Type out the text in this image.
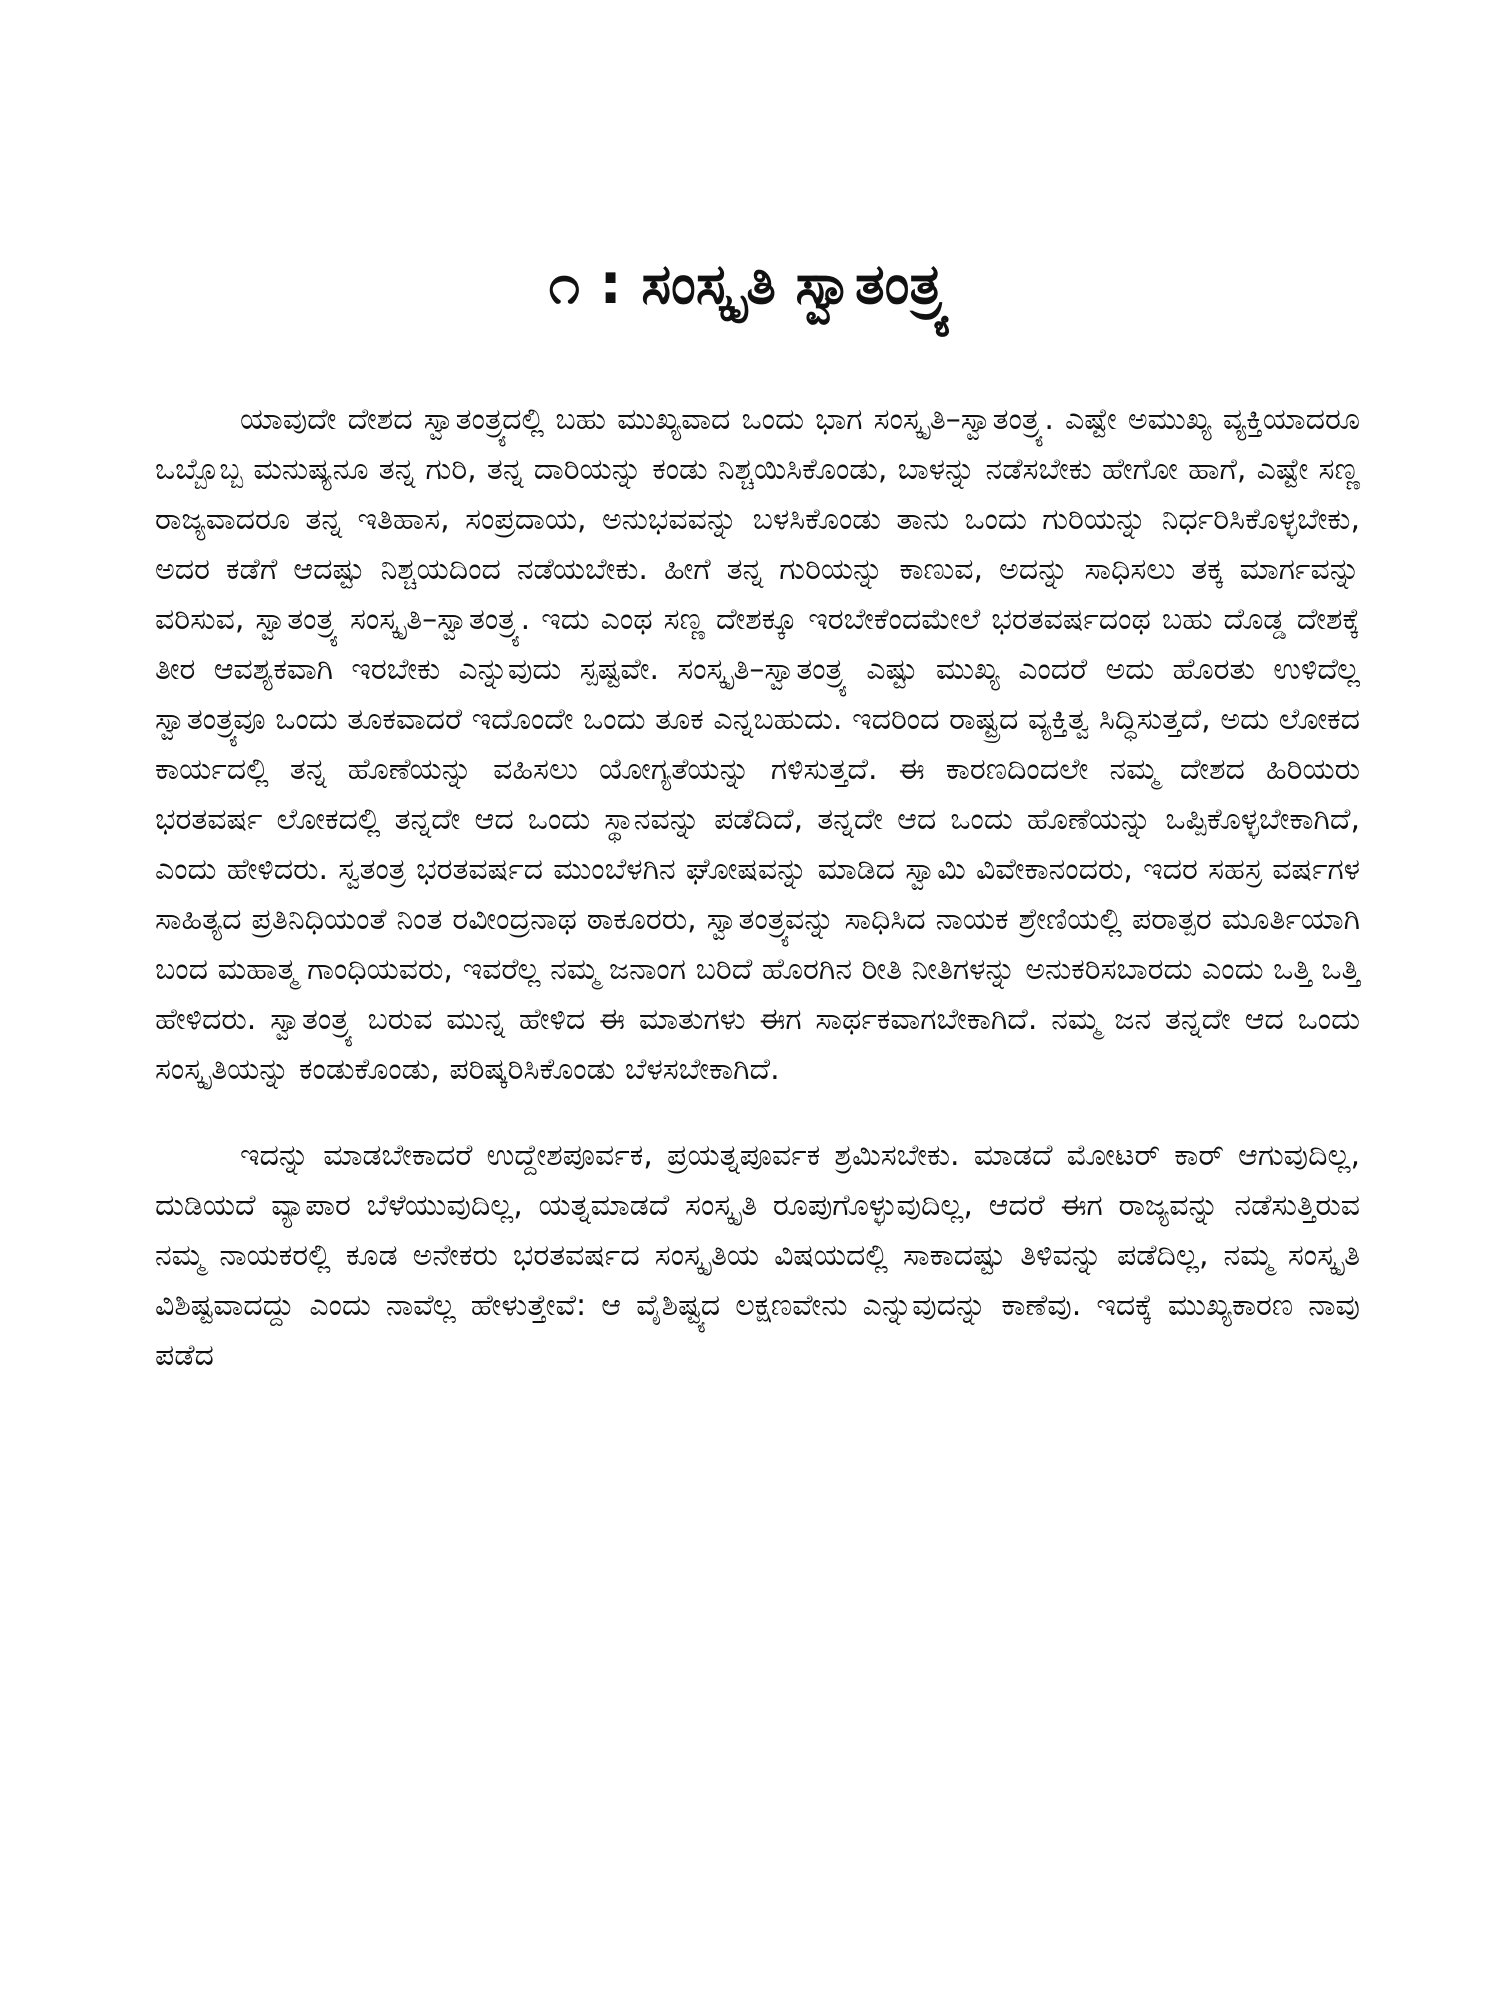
೧ : ಸಂಸ್ಕೃತಿ ಸ್ವಾತಂತ್ರ್ಯ

ಯಾವುದೇ ದೇಶದ ಸ್ವಾತಂತ್ರ್ಯದಲ್ಲಿ ಬಹು ಮುಖ್ಯವಾದ ಒಂದು ಭಾಗ ಸಂಸ್ಕೃತಿ–ಸ್ವಾತಂತ್ರ್ಯ. ಎಷ್ಟೇ ಅಮುಖ್ಯ ವ್ಯಕ್ತಿಯಾದರೂ ಒಬ್ಬೊಬ್ಬ ಮನುಷ್ಯನೂ ತನ್ನ ಗುರಿ, ತನ್ನ ದಾರಿಯನ್ನು ಕಂಡು ನಿಶ್ಚಯಿಸಿಕೊಂಡು, ಬಾಳನ್ನು ನಡೆಸಬೇಕು ಹೇಗೋ ಹಾಗೆ, ಎಷ್ಟೇ ಸಣ್ಣ ರಾಜ್ಯವಾದರೂ ತನ್ನ ಇತಿಹಾಸ, ಸಂಪ್ರದಾಯ, ಅನುಭವವನ್ನು ಬಳಸಿಕೊಂಡು ತಾನು ಒಂದು ಗುರಿಯನ್ನು ನಿರ್ಧರಿಸಿಕೊಳ್ಳಬೇಕು, ಅದರ ಕಡೆಗೆ ಆದಷ್ಟು ನಿಶ್ಚಯದಿಂದ ನಡೆಯಬೇಕು. ಹೀಗೆ ತನ್ನ ಗುರಿಯನ್ನು ಕಾಣುವ, ಅದನ್ನು ಸಾಧಿಸಲು ತಕ್ಕ ಮಾರ್ಗವನ್ನು ವರಿಸುವ, ಸ್ವಾತಂತ್ರ್ಯ ಸಂಸ್ಕೃತಿ–ಸ್ವಾತಂತ್ರ್ಯ. ಇದು ಎಂಥ ಸಣ್ಣ ದೇಶಕ್ಕೂ ಇರಬೇಕೆಂದಮೇಲೆ ಭರತವರ್ಷದಂಥ ಬಹು ದೊಡ್ಡ ದೇಶಕ್ಕೆ ತೀರ ಆವಶ್ಯಕವಾಗಿ ಇರಬೇಕು ಎನ್ನುವುದು ಸ್ಪಷ್ಟವೇ. ಸಂಸ್ಕೃತಿ–ಸ್ವಾತಂತ್ರ್ಯ ಎಷ್ಟು ಮುಖ್ಯ ಎಂದರೆ ಅದು ಹೊರತು ಉಳಿದೆಲ್ಲ ಸ್ವಾತಂತ್ರ್ಯವೂ ಒಂದು ತೂಕವಾದರೆ ಇದೊಂದೇ ಒಂದು ತೂಕ ಎನ್ನಬಹುದು. ಇದರಿಂದ ರಾಷ್ಟ್ರದ ವ್ಯಕ್ತಿತ್ವ ಸಿದ್ಧಿಸುತ್ತದೆ, ಅದು ಲೋಕದ ಕಾರ್ಯದಲ್ಲಿ ತನ್ನ ಹೊಣೆಯನ್ನು ವಹಿಸಲು ಯೋಗ್ಯತೆಯನ್ನು ಗಳಿಸುತ್ತದೆ. ಈ ಕಾರಣದಿಂದಲೇ ನಮ್ಮ ದೇಶದ ಹಿರಿಯರು ಭರತವರ್ಷ ಲೋಕದಲ್ಲಿ ತನ್ನದೇ ಆದ ಒಂದು ಸ್ಥಾನವನ್ನು ಪಡೆದಿದೆ, ತನ್ನದೇ ಆದ ಒಂದು ಹೊಣೆಯನ್ನು ಒಪ್ಪಿಕೊಳ್ಳಬೇಕಾಗಿದೆ, ಎಂದು ಹೇಳಿದರು. ಸ್ವತಂತ್ರ ಭರತವರ್ಷದ ಮುಂಬೆಳಗಿನ ಘೋಷವನ್ನು ಮಾಡಿದ ಸ್ವಾಮಿ ವಿವೇಕಾನಂದರು, ಇದರ ಸಹಸ್ರ ವರ್ಷಗಳ ಸಾಹಿತ್ಯದ ಪ್ರತಿನಿಧಿಯಂತೆ ನಿಂತ ರವೀಂದ್ರನಾಥ ಠಾಕೂರರು, ಸ್ವಾತಂತ್ರ್ಯವನ್ನು ಸಾಧಿಸಿದ ನಾಯಕ ಶ್ರೇಣಿಯಲ್ಲಿ ಪರಾತ್ಪರ ಮೂರ್ತಿಯಾಗಿ ಬಂದ ಮಹಾತ್ಮ ಗಾಂಧಿಯವರು, ಇವರೆಲ್ಲ ನಮ್ಮ ಜನಾಂಗ ಬರಿದೆ ಹೊರಗಿನ ರೀತಿ ನೀತಿಗಳನ್ನು ಅನುಕರಿಸಬಾರದು ಎಂದು ಒತ್ತಿ ಒತ್ತಿ ಹೇಳಿದರು. ಸ್ವಾತಂತ್ರ್ಯ ಬರುವ ಮುನ್ನ ಹೇಳಿದ ಈ ಮಾತುಗಳು ಈಗ ಸಾರ್ಥಕವಾಗಬೇಕಾಗಿದೆ. ನಮ್ಮ ಜನ ತನ್ನದೇ ಆದ ಒಂದು ಸಂಸ್ಕೃತಿಯನ್ನು ಕಂಡುಕೊಂಡು, ಪರಿಷ್ಕರಿಸಿಕೊಂಡು ಬೆಳಸಬೇಕಾಗಿದೆ.

ಇದನ್ನು ಮಾಡಬೇಕಾದರೆ ಉದ್ದೇಶಪೂರ್ವಕ, ಪ್ರಯತ್ನಪೂರ್ವಕ ಶ್ರಮಿಸಬೇಕು. ಮಾಡದೆ ಮೋಟರ್ ಕಾರ್ ಆಗುವುದಿಲ್ಲ, ದುಡಿಯದೆ ವ್ಯಾಪಾರ ಬೆಳೆಯುವುದಿಲ್ಲ, ಯತ್ನಮಾಡದೆ ಸಂಸ್ಕೃತಿ ರೂಪುಗೊಳ್ಳುವುದಿಲ್ಲ, ಆದರೆ ಈಗ ರಾಜ್ಯವನ್ನು ನಡೆಸುತ್ತಿರುವ ನಮ್ಮ ನಾಯಕರಲ್ಲಿ ಕೂಡ ಅನೇಕರು ಭರತವರ್ಷದ ಸಂಸ್ಕೃತಿಯ ವಿಷಯದಲ್ಲಿ ಸಾಕಾದಷ್ಟು ತಿಳಿವನ್ನು ಪಡೆದಿಲ್ಲ, ನಮ್ಮ ಸಂಸ್ಕೃತಿ ವಿಶಿಷ್ಟವಾದದ್ದು ಎಂದು ನಾವೆಲ್ಲ ಹೇಳುತ್ತೇವೆ: ಆ ವೈಶಿಷ್ಟ್ಯದ ಲಕ್ಷಣವೇನು ಎನ್ನುವುದನ್ನು ಕಾಣೆವು. ಇದಕ್ಕೆ ಮುಖ್ಯಕಾರಣ ನಾವು ಪಡೆದ
